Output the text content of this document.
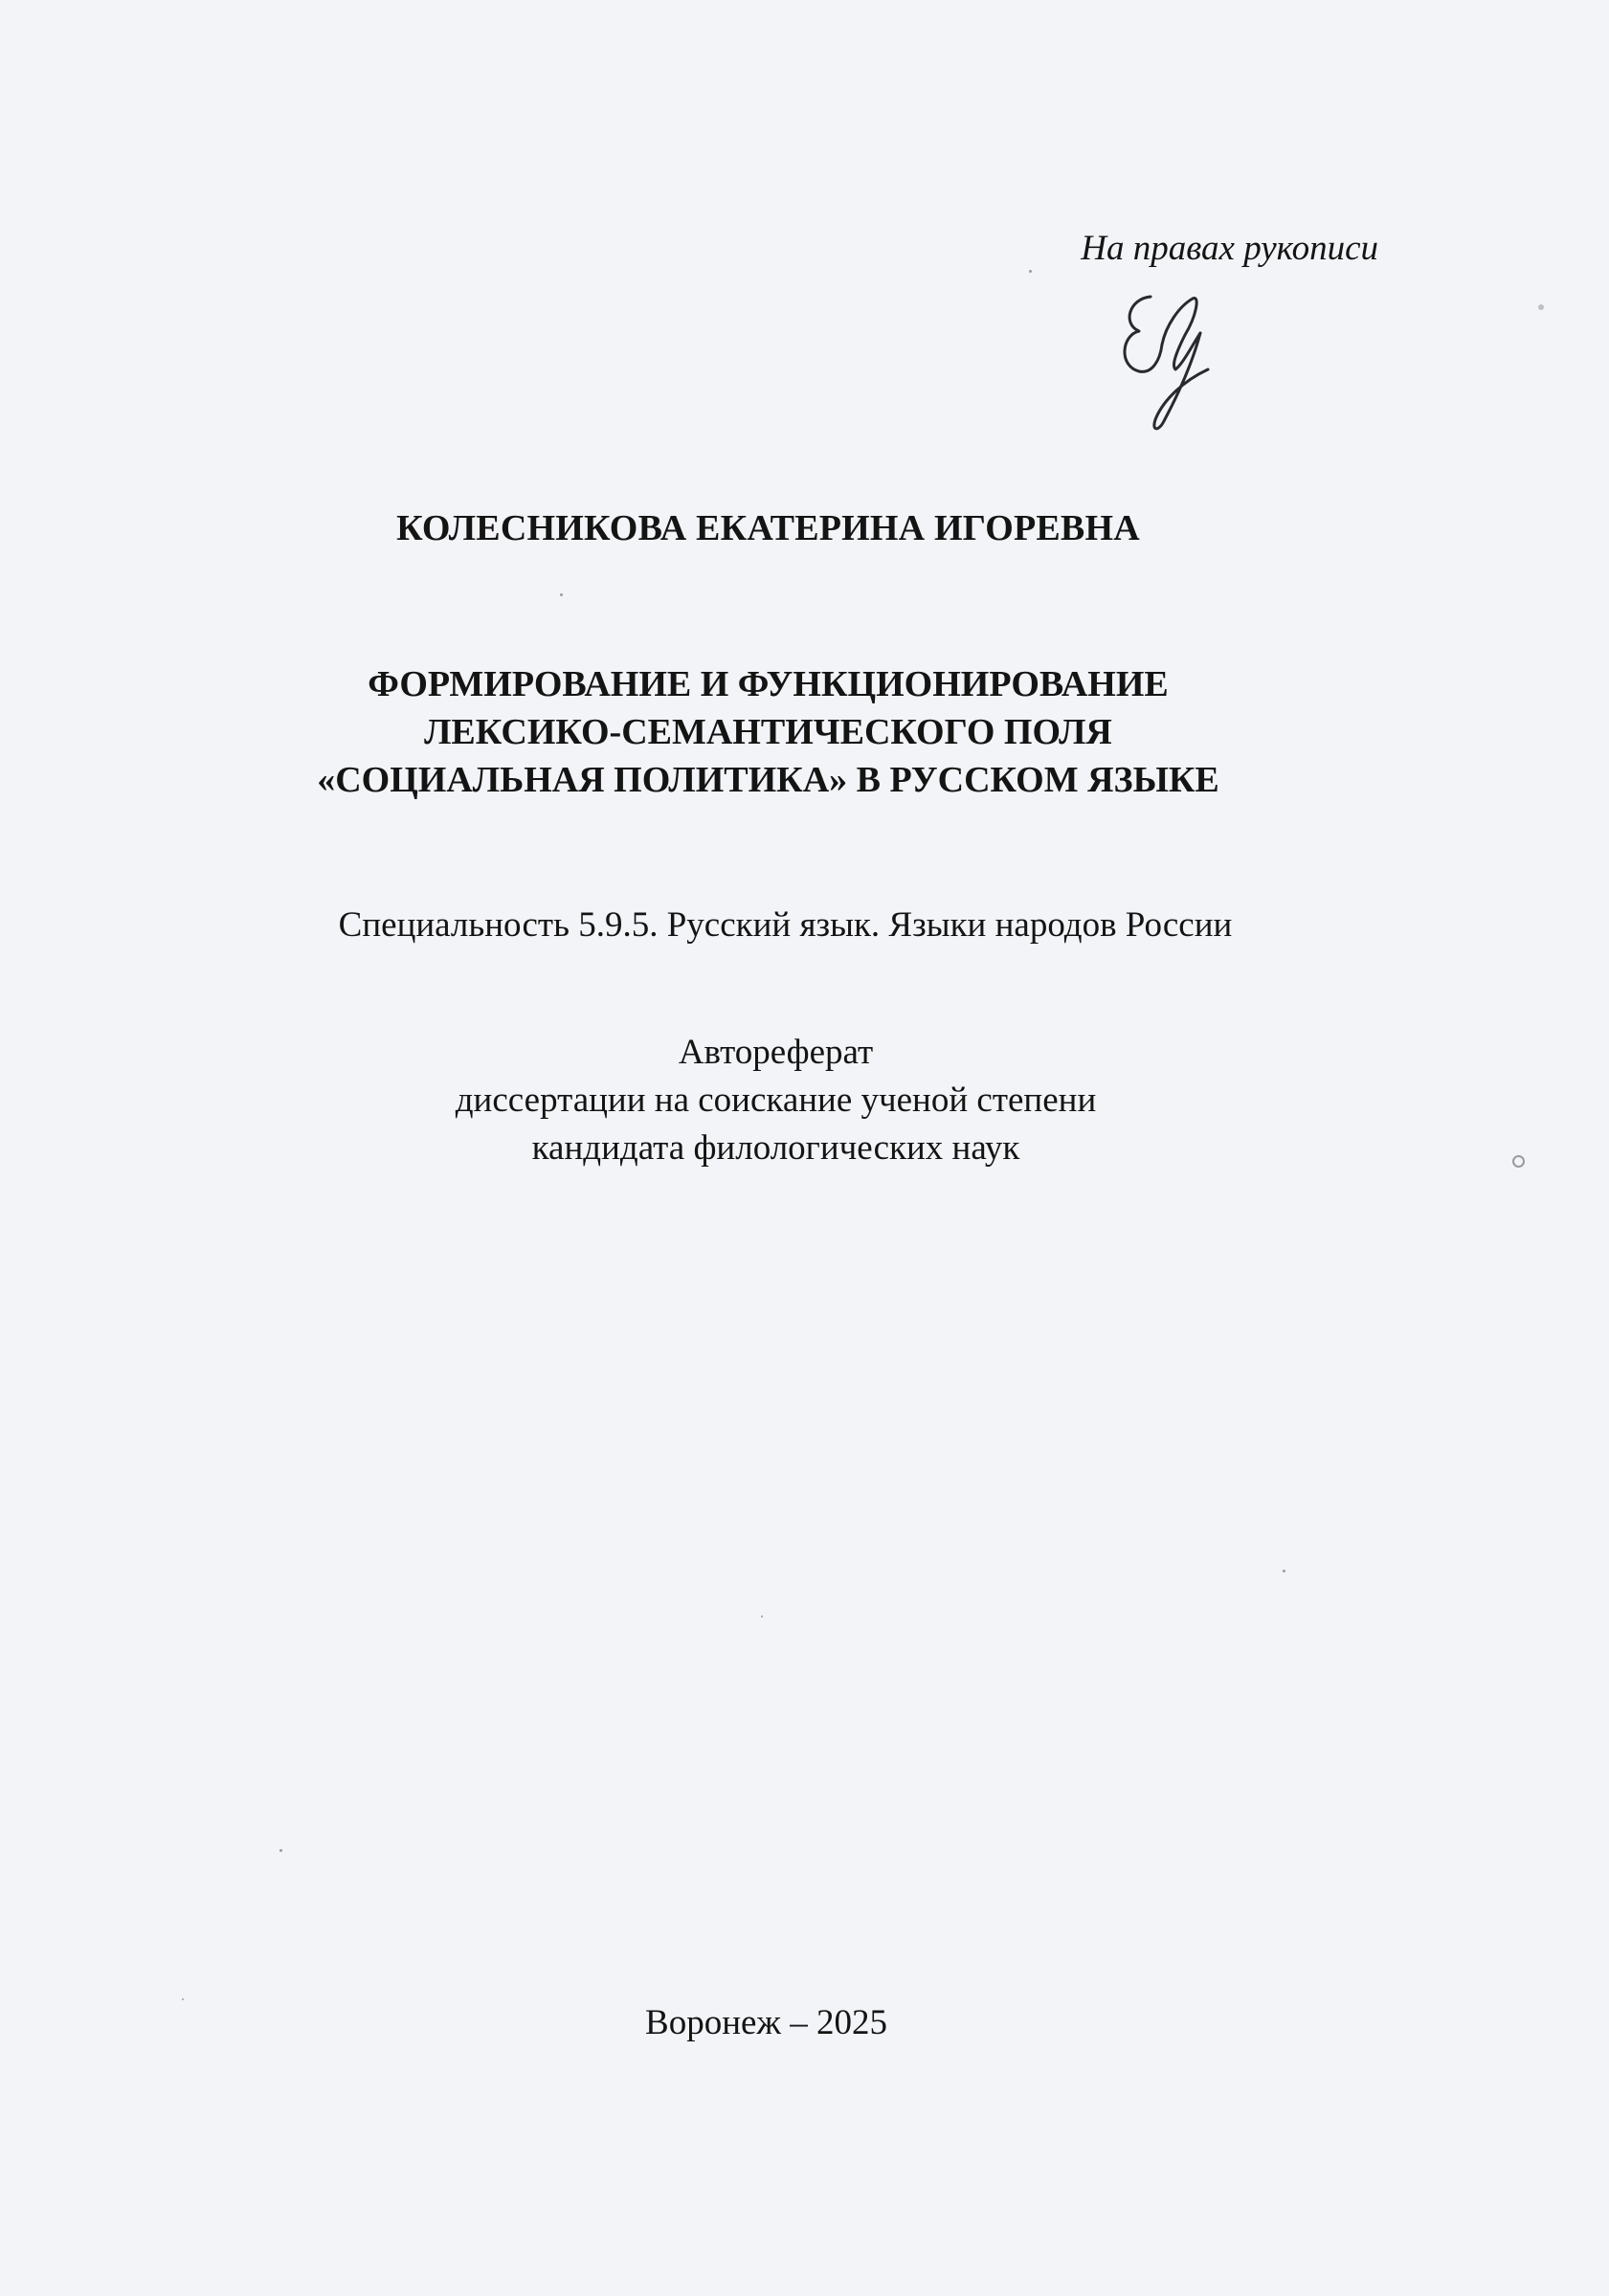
На правах рукописи
КОЛЕСНИКОВА ЕКАТЕРИНА ИГОРЕВНА
ФОРМИРОВАНИЕ И ФУНКЦИОНИРОВАНИЕ
ЛЕКСИКО-СЕМАНТИЧЕСКОГО ПОЛЯ
«СОЦИАЛЬНАЯ ПОЛИТИКА» В РУССКОМ ЯЗЫКЕ
Специальность 5.9.5. Русский язык. Языки народов России
Автореферат
диссертации на соискание ученой степени
кандидата филологических наук
Воронеж – 2025
